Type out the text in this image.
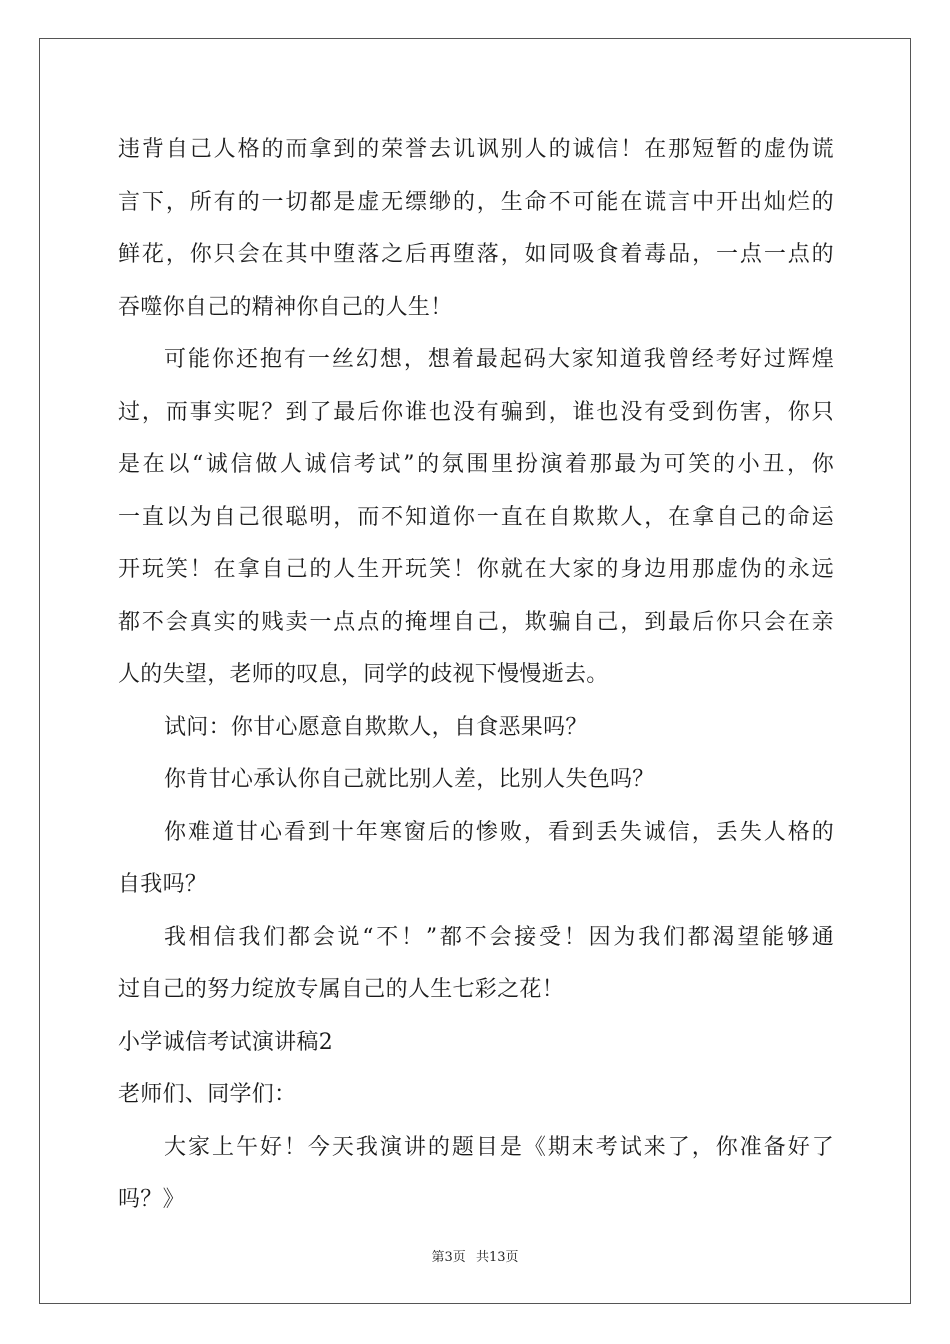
违背自己人格的而拿到的荣誉去讥讽别人的诚信！在那短暂的虚伪谎
言下，所有的一切都是虚无缥缈的，生命不可能在谎言中开出灿烂的
鲜花，你只会在其中堕落之后再堕落，如同吸食着毒品，一点一点的
吞噬你自己的精神你自己的人生！
可能你还抱有一丝幻想，想着最起码大家知道我曾经考好过辉煌
过，而事实呢？到了最后你谁也没有骗到，谁也没有受到伤害，你只
是在以“诚信做人诚信考试”的氛围里扮演着那最为可笑的小丑，你
一直以为自己很聪明，而不知道你一直在自欺欺人，在拿自己的命运
开玩笑！在拿自己的人生开玩笑！你就在大家的身边用那虚伪的永远
都不会真实的贱卖一点点的掩埋自己，欺骗自己，到最后你只会在亲
人的失望，老师的叹息，同学的歧视下慢慢逝去。
试问：你甘心愿意自欺欺人，自食恶果吗？
你肯甘心承认你自己就比别人差，比别人失色吗？
你难道甘心看到十年寒窗后的惨败，看到丢失诚信，丢失人格的
自我吗？
我相信我们都会说“不！”都不会接受！因为我们都渴望能够通
过自己的努力绽放专属自己的人生七彩之花！
小学诚信考试演讲稿2
老师们、同学们：
大家上午好！今天我演讲的题目是《期末考试来了，你准备好了
吗？》
第3页 共13页
